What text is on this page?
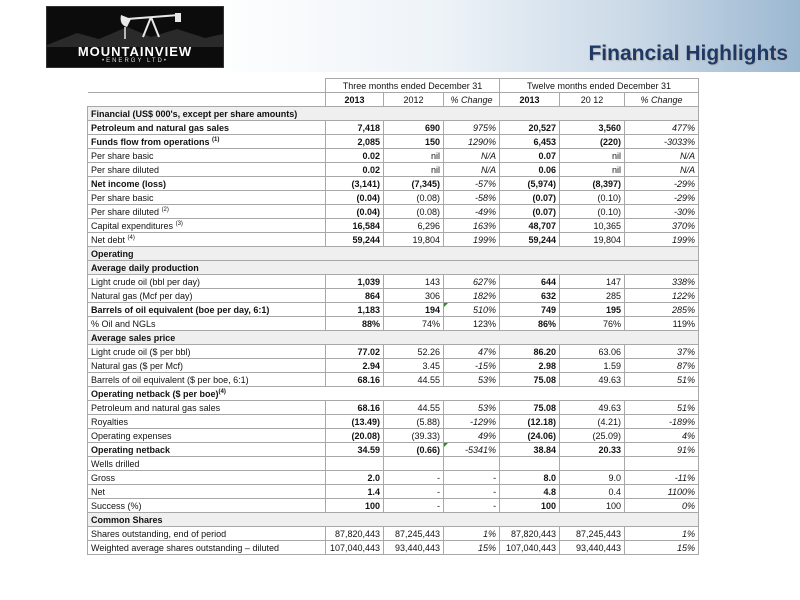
MOUNTAINVIEW
•ENERGY LTD•	Financial Highlights
	Three months ended December 31			Twelve months ended December 31		
	2013	2012	% Change	2013	20 12	% Change
Financial (US$ 000's, except per share amounts)						
Petroleum and natural gas sales	7,418	690	975%	20,527	3,560	477%
Funds flow from operations $^{(1)}$	2,085	150	1290%	6,453	(220)	-3033%
Per share basic	0.02	nil	N/A	0.07	nil	N/A
Per share diluted	0.02	nil	N/A	0.06	nil	N/A
Net income (loss)	(3,141)	(7,345)	-57%	(5,974)	(8,397)	-29%
Per share basic	(0.04)	(0.08)	-58%	(0.07)	(0.10)	-29%
Per share diluted $^{(2)}$	(0.04)	(0.08)	-49%	(0.07)	(0.10)	-30%
Capital expenditures $^{(3)}$	16,584	6,296	163%	48,707	10,365	370%
Net debt $^{(4)}$	59,244	19,804	199%	59,244	19,804	199%
Operating						
Average daily production						
Light crude oil (bbl per day)	1,039	143	627%	644	147	338%
Natural gas (Mcf per day)	864	306	182%	632	285	122%
Barrels of oil equivalent (boe per day, 6:1)	1,183	194	510%	749	195	285%
% Oil and NGLs	88%	74%	123%	86%	76%	119%
Average sales price						
Light crude oil ($ per bbl)	77.02	52.26	47%	86.20	63.06	37%
Natural gas ($ per Mcf)	2.94	3.45	-15%	2.98	1.59	87%
Barrels of oil equivalent ($ per boe, 6:1)	68.16	44.55	53%	75.08	49.63	51%
Operating netback ($ per boe)$^{(4)}$
Petroleum and natural gas sales	68.16	44.55	53%	75.08	49.63	51%
Royalties	(13.49)	(5.88)	-129%	(12.18)	(4.21)	-189%
Operating expenses	(20.08)	(39.33)	49%	(24.06)	(25.09)	4%
Operating netback	34.59	(0.66)	-5341%	38.84	20.33	91%
Wells drilled						
Gross	2.0	-	-	8.0	9.0	-11%
Net	1.4	-	-	4.8	0.4	1100%
Success (%)	100	-	-	100	100	0%
Common Shares						
Shares outstanding, end of period	87,820,443	87,245,443	1%	87,820,443	87,245,443	1%
Weighted average shares outstanding – diluted	107,040,443	93,440,443	15%	107,040,443	93,440,443	15%
